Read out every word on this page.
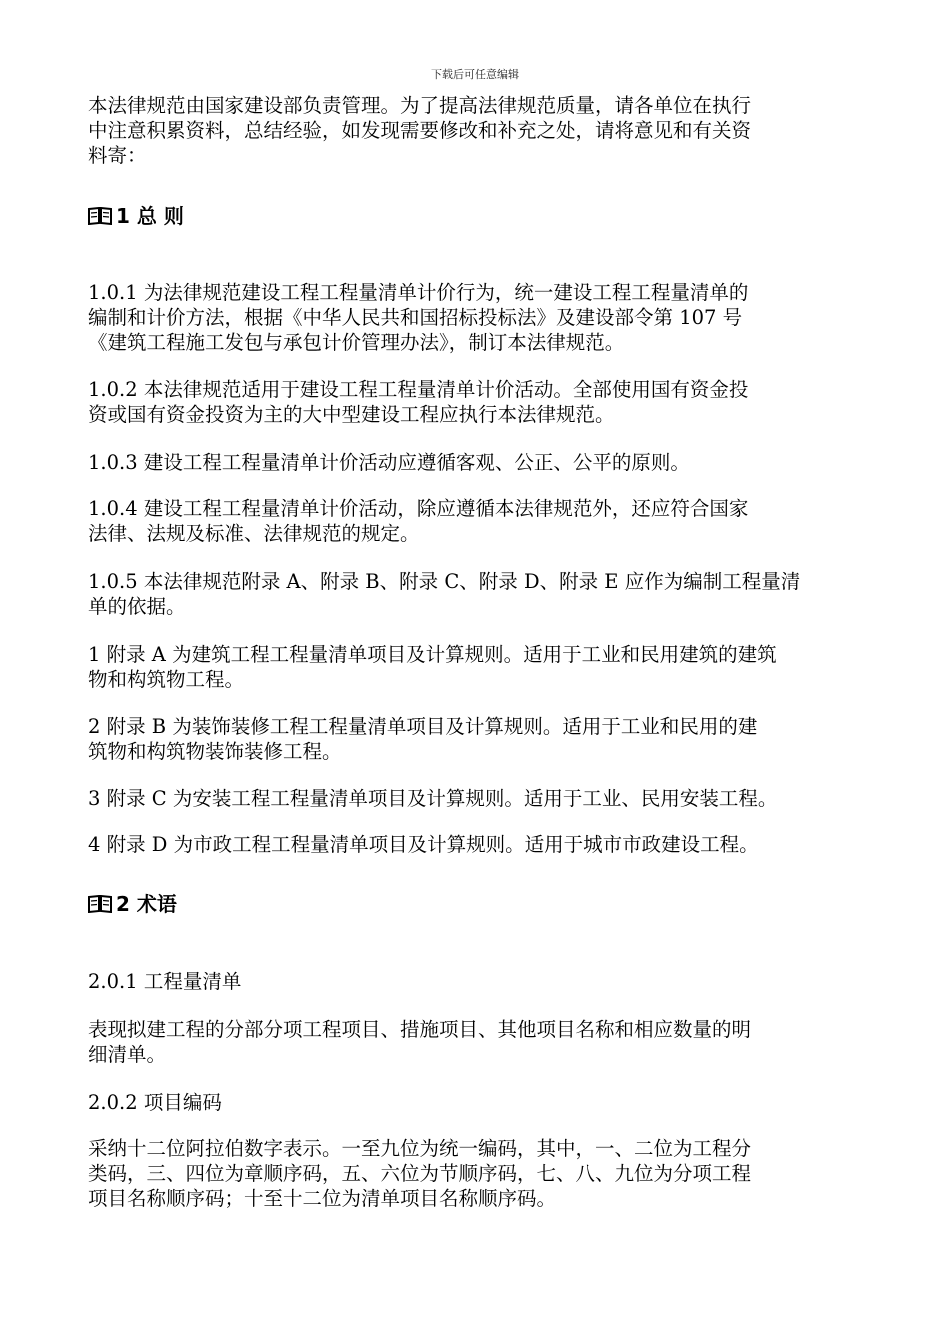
下载后可任意编辑
本法律规范由国家建设部负责管理。为了提高法律规范质量，请各单位在执行
中注意积累资料，总结经验，如发现需要修改和补充之处，请将意见和有关资
料寄：
1 总 则
1.0.1 为法律规范建设工程工程量清单计价行为，统一建设工程工程量清单的
编制和计价方法，根据《中华人民共和国招标投标法》及建设部令第 107 号
《建筑工程施工发包与承包计价管理办法》，制订本法律规范。
1.0.2 本法律规范适用于建设工程工程量清单计价活动。全部使用国有资金投
资或国有资金投资为主的大中型建设工程应执行本法律规范。
1.0.3 建设工程工程量清单计价活动应遵循客观、公正、公平的原则。
1.0.4 建设工程工程量清单计价活动，除应遵循本法律规范外，还应符合国家
法律、法规及标准、法律规范的规定。
1.0.5 本法律规范附录 A、附录 B、附录 C、附录 D、附录 E 应作为编制工程量清
单的依据。
1 附录 A 为建筑工程工程量清单项目及计算规则。适用于工业和民用建筑的建筑
物和构筑物工程。
2 附录 B 为装饰装修工程工程量清单项目及计算规则。适用于工业和民用的建
筑物和构筑物装饰装修工程。
3 附录 C 为安装工程工程量清单项目及计算规则。适用于工业、民用安装工程。
4 附录 D 为市政工程工程量清单项目及计算规则。适用于城市市政建设工程。
2 术语
2.0.1 工程量清单
表现拟建工程的分部分项工程项目、措施项目、其他项目名称和相应数量的明
细清单。
2.0.2 项目编码
采纳十二位阿拉伯数字表示。一至九位为统一编码，其中，一、二位为工程分
类码，三、四位为章顺序码，五、六位为节顺序码，七、八、九位为分项工程
项目名称顺序码；十至十二位为清单项目名称顺序码。
